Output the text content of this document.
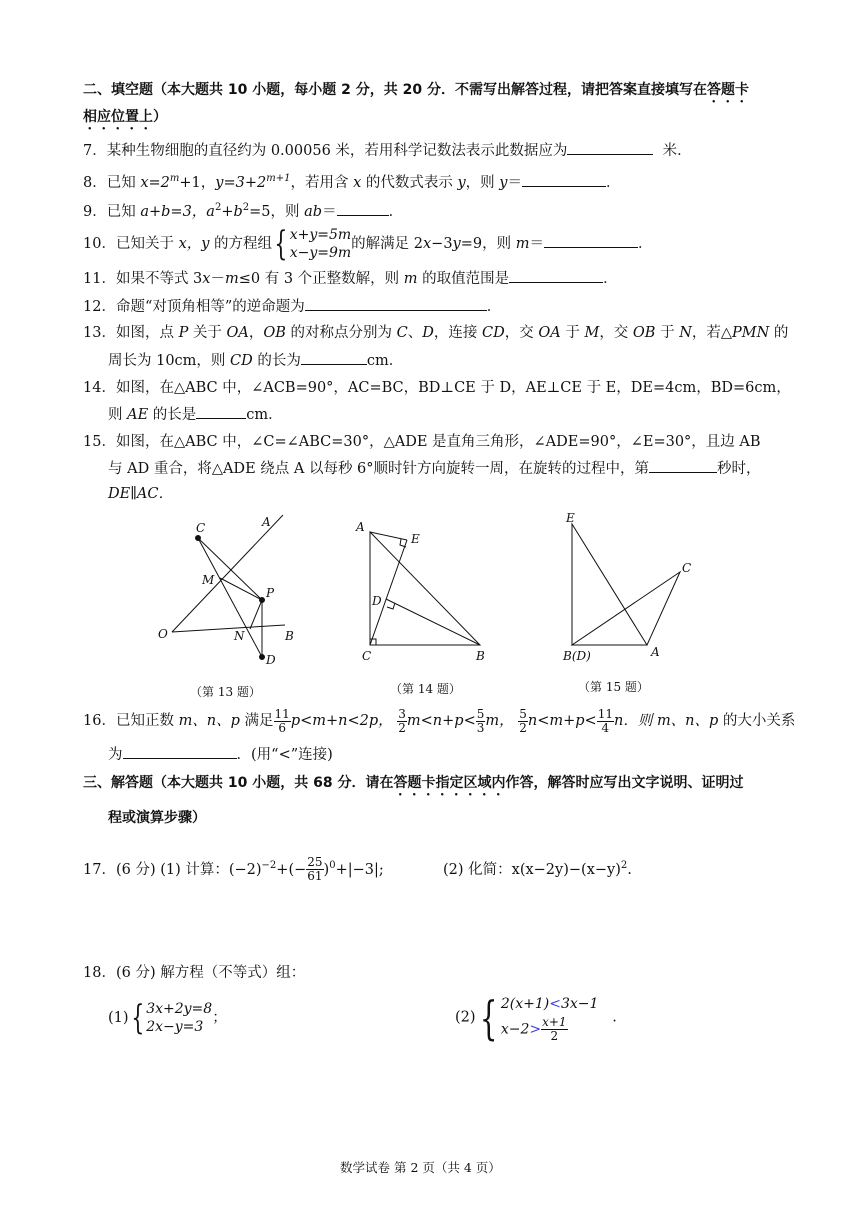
二、填空题（本大题共 10 小题，每小题 2 分，共 20 分．不需写出解答过程，请把答案直接填写在答题卡
相应位置上）
7．某种生物细胞的直径约为 0.00056 米，若用科学记数法表示此数据应为	米．
8．已知 $x=2^m+1$，$y=3+2^{m+1}$，若用含 x 的代数式表示 y，则 y＝	．
9．已知 a+b=3，$a^2+b^2=5$，则 ab＝	．
10．已知关于 x，y 的方程组{ x+y=5m
x−y=9m的解满足 2x−3y=9，则 m＝	．
11．如果不等式 3x－m≤0 有 3 个正整数解，则 m 的取值范围是	．
12．命题“对顶角相等”的逆命题为	．
13．如图，点 P 关于 OA，OB 的对称点分别为 C、D，连接 CD，交 OA 于 M，交 OB 于 N，若△PMN 的
周长为 10cm，则 CD 的长为	cm．
14．如图，在△ABC 中，∠ACB=90°，AC=BC，BD⊥CE 于 D，AE⊥CE 于 E，DE=4cm，BD=6cm，
则 AE 的长是	cm．
15．如图，在△ABC 中，∠C=∠ABC=30°，△ADE 是直角三角形，∠ADE=90°，∠E=30°，且边 AB
与 AD 重合，将△ADE 绕点 A 以每秒 6°顺时针方向旋转一周，在旋转的过程中，第	秒时，
DE∥AC．
C	A
M
P
O	N	B
D
（第 13 题）
A
E
D
C	B
（第 14 题）
E
C
B(D)	A
（第 15 题）
16．已知正数 m、n、p 满足 $\frac{11}{6} p<m+n<2p$， $\frac{3}{2} m<n+p< \frac{5}{3}$ m， $\frac{5}{2} n<m+p< \frac{11}{4}$ n．则 m、n、p 的大小关系
为	．(用“<”连接)
三、解答题（本大题共 10 小题，共 68 分．请在答题卡指定区域内作答，解答时应写出文字说明、证明过
程或演算步骤）
17．(6 分) (1) 计算：$(-2)^{-2}+(- \frac{25}{61} )^0+|-3|$;	(2) 化简：$x(x-2y)-(x-y)^2$.
18．(6 分) 解方程（不等式）组：
(1){ 3x+2y=8
2x−y=3；	(2){ 2(x+1)<3x−1
$x-2> \frac{x+1}{2}$	.
数学试卷 第 2 页（共 4 页）
